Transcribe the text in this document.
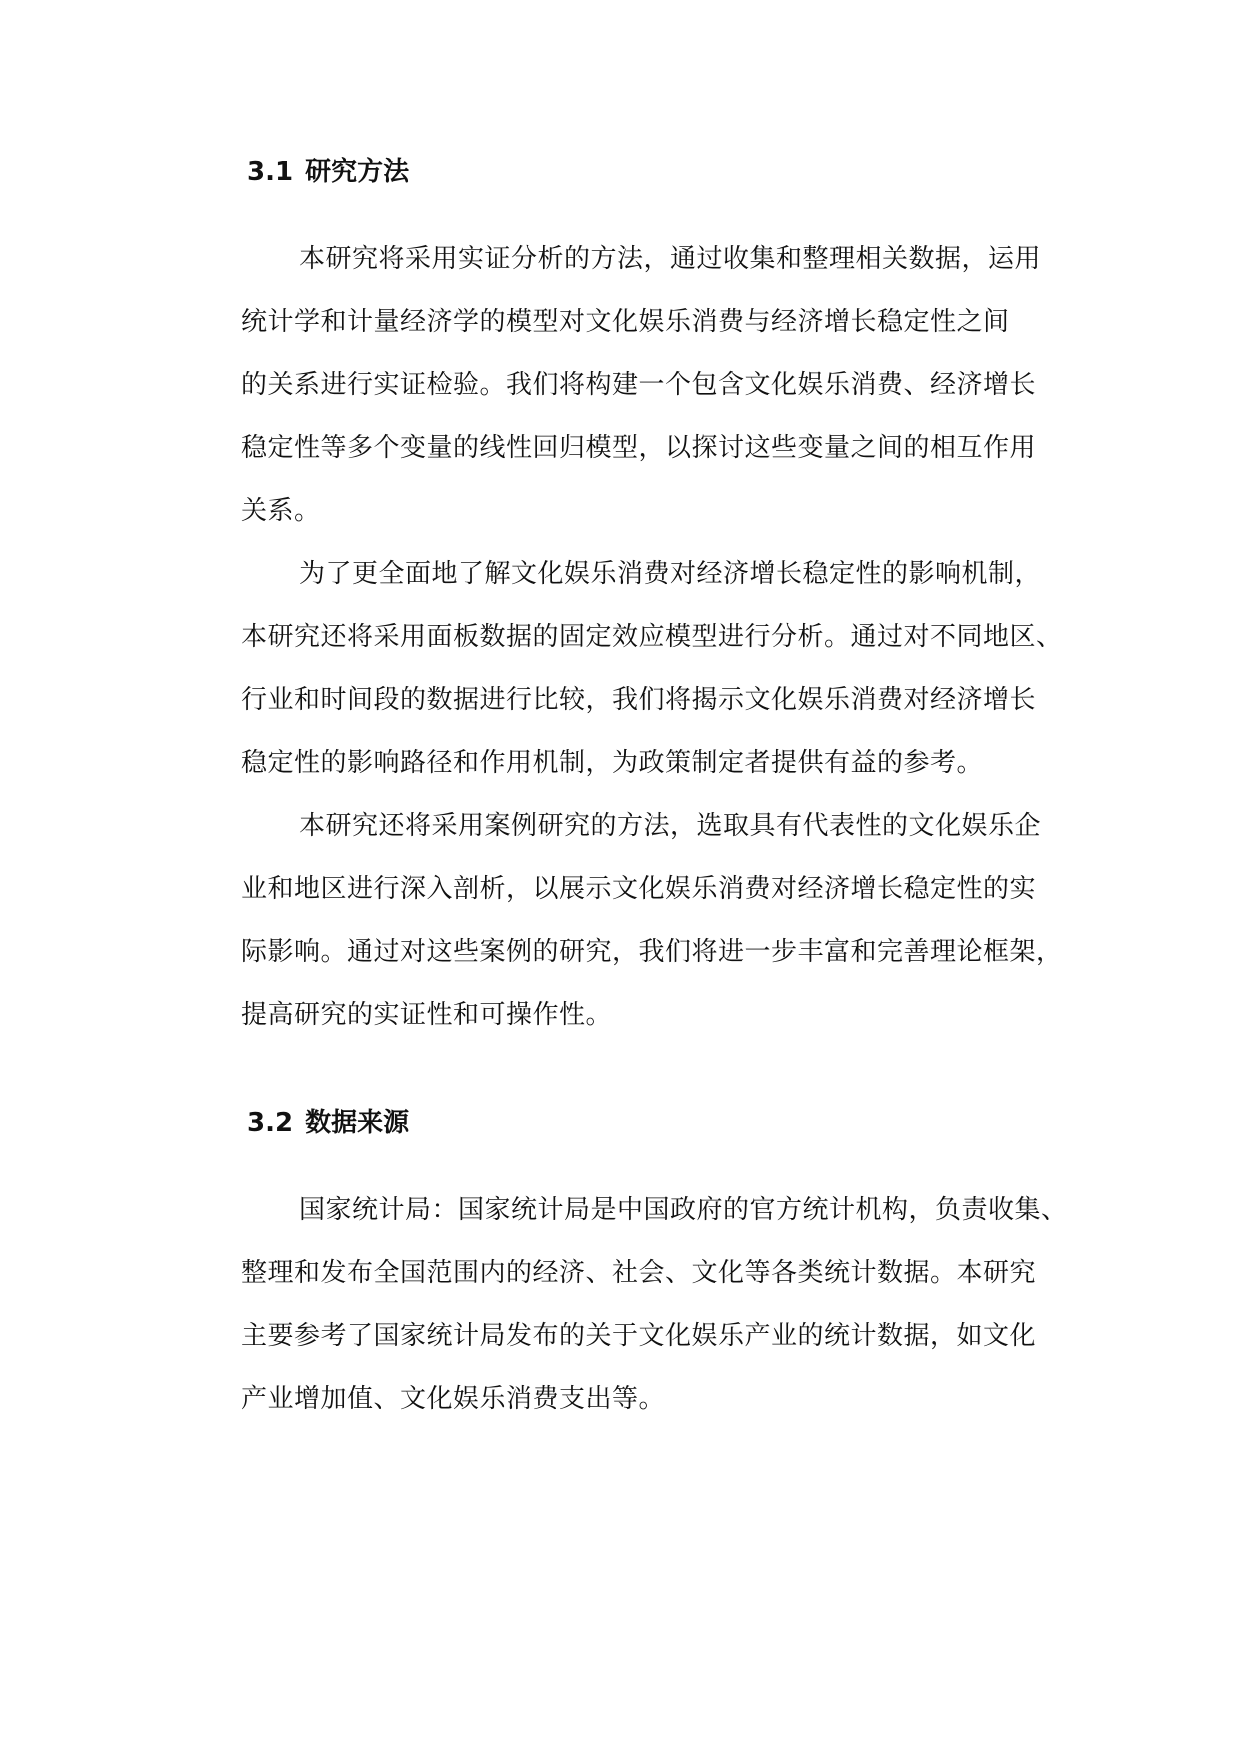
3.1 研究方法
本研究将采用实证分析的方法，通过收集和整理相关数据，运用
统计学和计量经济学的模型对文化娱乐消费与经济增长稳定性之间
的关系进行实证检验。我们将构建一个包含文化娱乐消费、经济增长
稳定性等多个变量的线性回归模型，以探讨这些变量之间的相互作用
关系。
为了更全面地了解文化娱乐消费对经济增长稳定性的影响机制，
本研究还将采用面板数据的固定效应模型进行分析。通过对不同地区、
行业和时间段的数据进行比较，我们将揭示文化娱乐消费对经济增长
稳定性的影响路径和作用机制，为政策制定者提供有益的参考。
本研究还将采用案例研究的方法，选取具有代表性的文化娱乐企
业和地区进行深入剖析，以展示文化娱乐消费对经济增长稳定性的实
际影响。通过对这些案例的研究，我们将进一步丰富和完善理论框架，
提高研究的实证性和可操作性。
3.2 数据来源
国家统计局：国家统计局是中国政府的官方统计机构，负责收集、
整理和发布全国范围内的经济、社会、文化等各类统计数据。本研究
主要参考了国家统计局发布的关于文化娱乐产业的统计数据，如文化
产业增加值、文化娱乐消费支出等。
